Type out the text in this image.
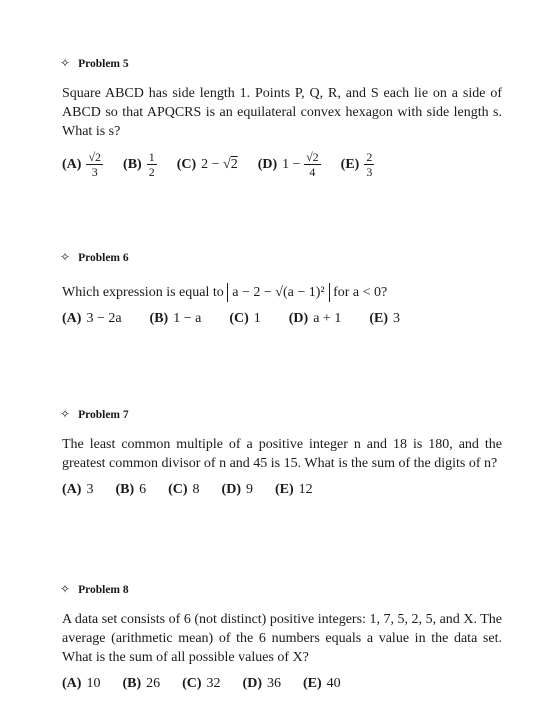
✧ Problem 5
Square ABCD has side length 1. Points P, Q, R, and S each lie on a side of ABCD so that APQCRS is an equilateral convex hexagon with side length s. What is s?
$(A) \frac{√2}{3} (B) \frac{1}{2} (C) 2$ − √ 2 (D) $1 - \frac{√2}{4} (E) \frac{2}{3}$
✧ Problem 6
Which expression is equal to a − 2 − √(a − 1)² for a < 0?
(A) 3 − 2a (B) 1 − a (C) 1 (D) a + 1 (E) 3
✧ Problem 7
The least common multiple of a positive integer n and 18 is 180, and the greatest common divisor of n and 45 is 15. What is the sum of the digits of n?
(A) 3 (B) 6 (C) 8 (D) 9 (E) 12
✧ Problem 8
A data set consists of 6 (not distinct) positive integers: 1, 7, 5, 2, 5, and X. The average (arithmetic mean) of the 6 numbers equals a value in the data set. What is the sum of all possible values of X?
(A) 10 (B) 26 (C) 32 (D) 36 (E) 40
